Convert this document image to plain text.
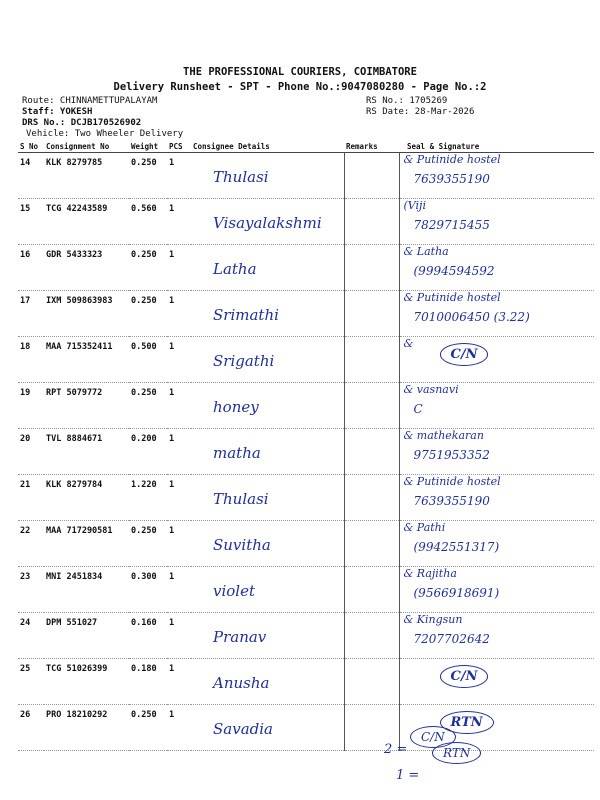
THE PROFESSIONAL COURIERS, COIMBATORE
Delivery Runsheet - SPT - Phone No.:9047080280 - Page No.:2
Route: CHINNAMETTUPALAYAM
Staff: YOKESH
DRS No.: DCJB170526902
Vehicle: Two Wheeler Delivery
RS No.: 1705269
RS Date: 28-Mar-2026
S No	Consignment No	Weight	PCS	Consignee Details	Remarks	Seal & Signature
14	KLK 8279785	0.250	1	Thulasi		& Putinide hostel
7639355190

15	TCG 42243589	0.560	1	Visayalakshmi		(Viji
7829715455

16	GDR 5433323	0.250	1	Latha		& Latha
(9994594592

17	IXM 509863983	0.250	1	Srimathi		& Putinide hostel
7010006450 (3.22)

18	MAA 715352411	0.500	1	Srigathi		&
C/N

19	RPT 5079772	0.250	1	honey		& vasnavi
C

20	TVL 8884671	0.200	1	matha		& mathekaran
9751953352

21	KLK 8279784	1.220	1	Thulasi		& Putinide hostel
7639355190

22	MAA 717290581	0.250	1	Suvitha		& Pathi
(9942551317)

23	MNI 2451834	0.300	1	violet		& Rajitha
(9566918691)

24	DPM 551027	0.160	1	Pranav		& Kingsun
7207702642

25	TCG 51026399	0.180	1	Anusha		C/N

26	PRO 18210292	0.250	1	Savadia		RTN
2 =
C/N
1 =
RTN
